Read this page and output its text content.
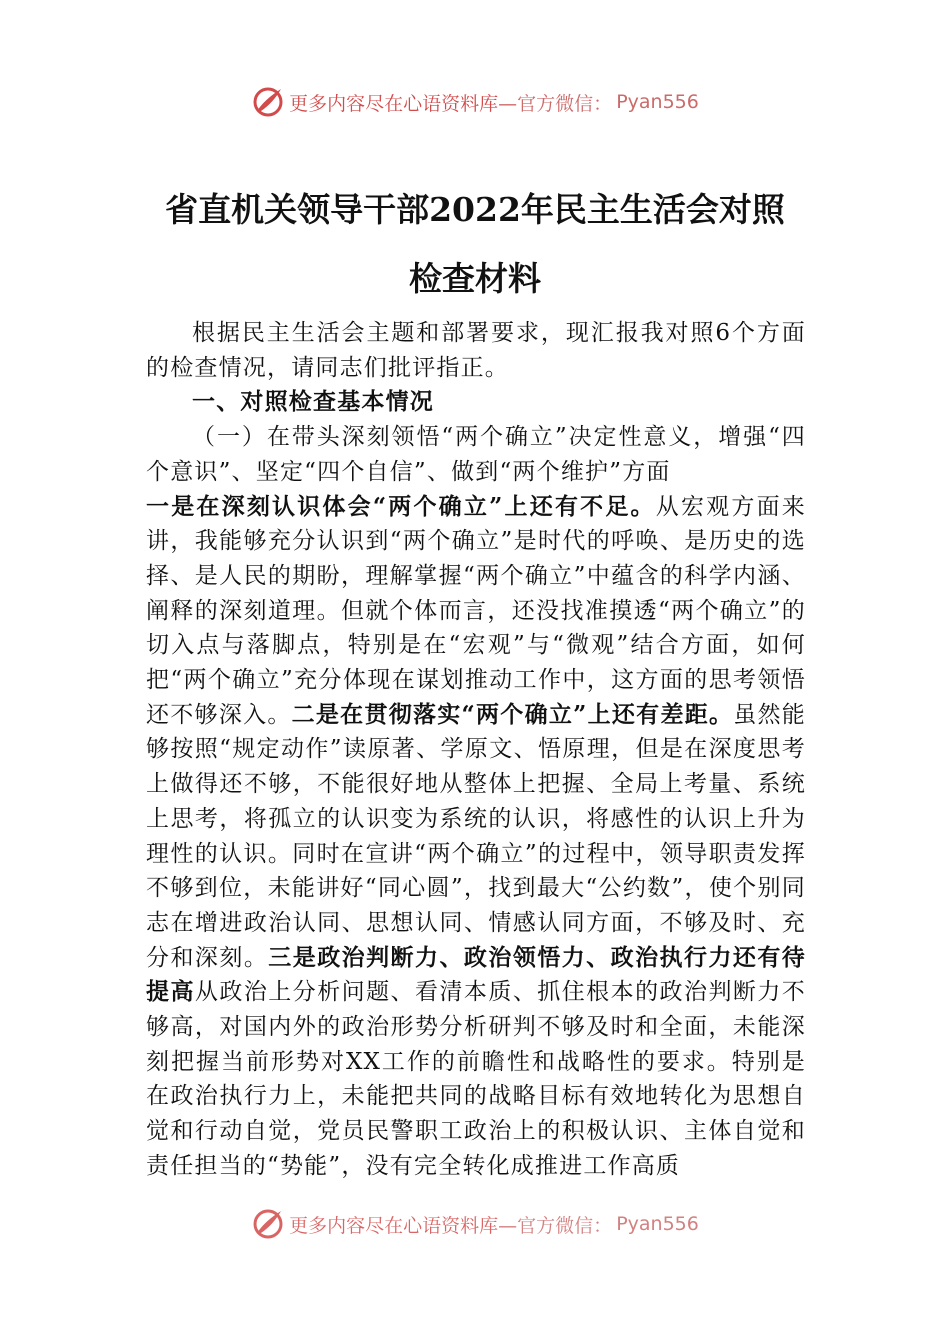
更多内容尽在心语资料库 —官方微信： Pyan556
省直机关领导干部2022年民主生活会对照
检查材料

根据民主生活会主题和部署要求，现汇报我对照6个方面的检查情况，请同志们批评指正。

一、对照检查基本情况

（一）在带头深刻领悟“两个确立”决定性意义，增强“四个意识”、坚定“四个自信”、做到“两个维护”方面

一是在深刻认识体会“两个确立”上还有不足。从宏观方面来讲，我能够充分认识到“两个确立”是时代的呼唤、是历史的选择、是人民的期盼，理解掌握“两个确立”中蕴含的科学内涵、阐释的深刻道理。但就个体而言，还没找准摸透“两个确立”的切入点与落脚点，特别是在“宏观”与“微观”结合方面，如何把“两个确立”充分体现在谋划推动工作中，这方面的思考领悟还不够深入。二是在贯彻落实“两个确立”上还有差距。虽然能够按照“规定动作”读原著、学原文、悟原理，但是在深度思考上做得还不够，不能很好地从整体上把握、全局上考量、系统上思考，将孤立的认识变为系统的认识，将感性的认识上升为理性的认识。同时在宣讲“两个确立”的过程中，领导职责发挥不够到位，未能讲好“同心圆”，找到最大“公约数”，使个别同志在增进政治认同、思想认同、情感认同方面，不够及时、充分和深刻。三是政治判断力、政治领悟力、政治执行力还有待提高从政治上分析问题、看清本质、抓住根本的政治判断力不够高，对国内外的政治形势分析研判不够及时和全面，未能深刻把握当前形势对XX工作的前瞻性和战略性的要求。特别是在政治执行力上，未能把共同的战略目标有效地转化为思想自觉和行动自觉，党员民警职工政治上的积极认识、主体自觉和责任担当的“势能”，没有完全转化成推进工作高质

更多内容尽在心语资料库 —官方微信： Pyan556
